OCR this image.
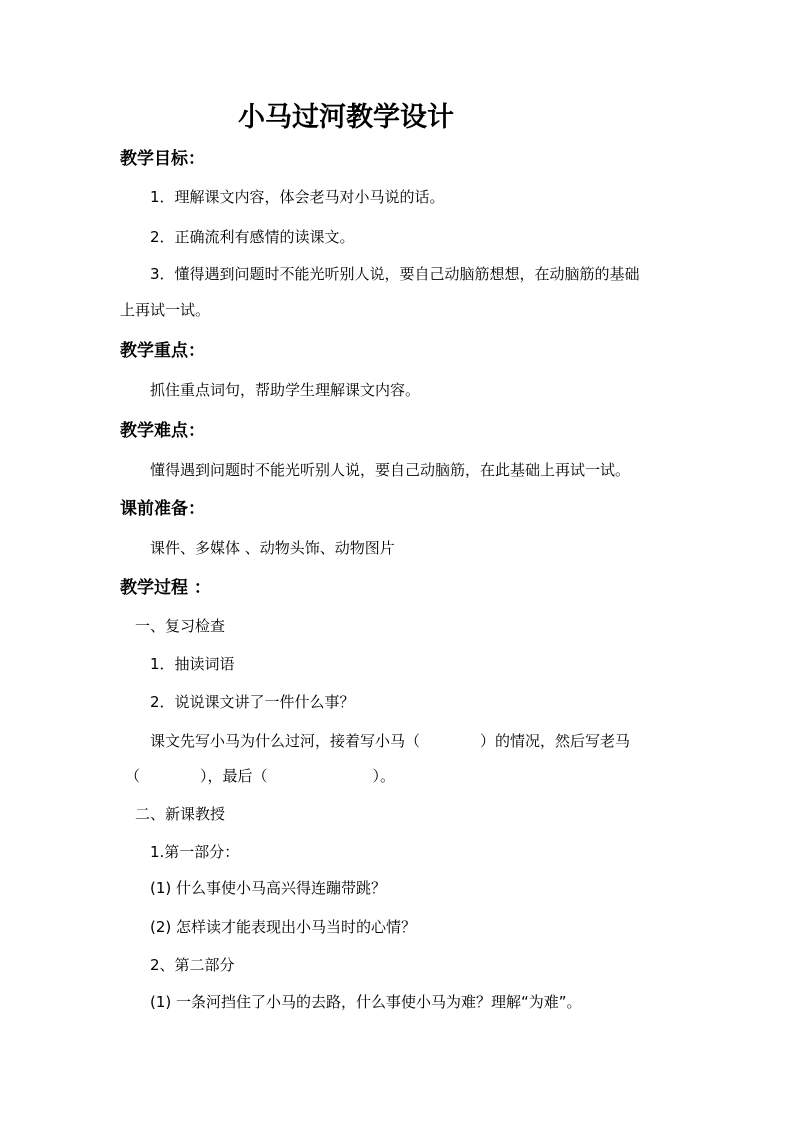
小马过河教学设计
教学目标：
1．理解课文内容，体会老马对小马说的话。
2．正确流利有感情的读课文。
3．懂得遇到问题时不能光听别人说，要自己动脑筋想想，在动脑筋的基础
上再试一试。
教学重点：
抓住重点词句，帮助学生理解课文内容。
教学难点：
懂得遇到问题时不能光听别人说，要自己动脑筋，在此基础上再试一试。
课前准备：
课件、多媒体 、动物头饰、动物图片
教学过程 ：
一、复习检查
1．抽读词语
2．说说课文讲了一件什么事？
课文先写小马为什么过河，接着写小马（　　　　）的情况，然后写老马
（　　　　），最后（　　　　　　　）。
二、新课教授
1.第一部分：
(1) 什么事使小马高兴得连蹦带跳？
(2) 怎样读才能表现出小马当时的心情？
2、第二部分
(1) 一条河挡住了小马的去路，什么事使小马为难？理解“为难”。
